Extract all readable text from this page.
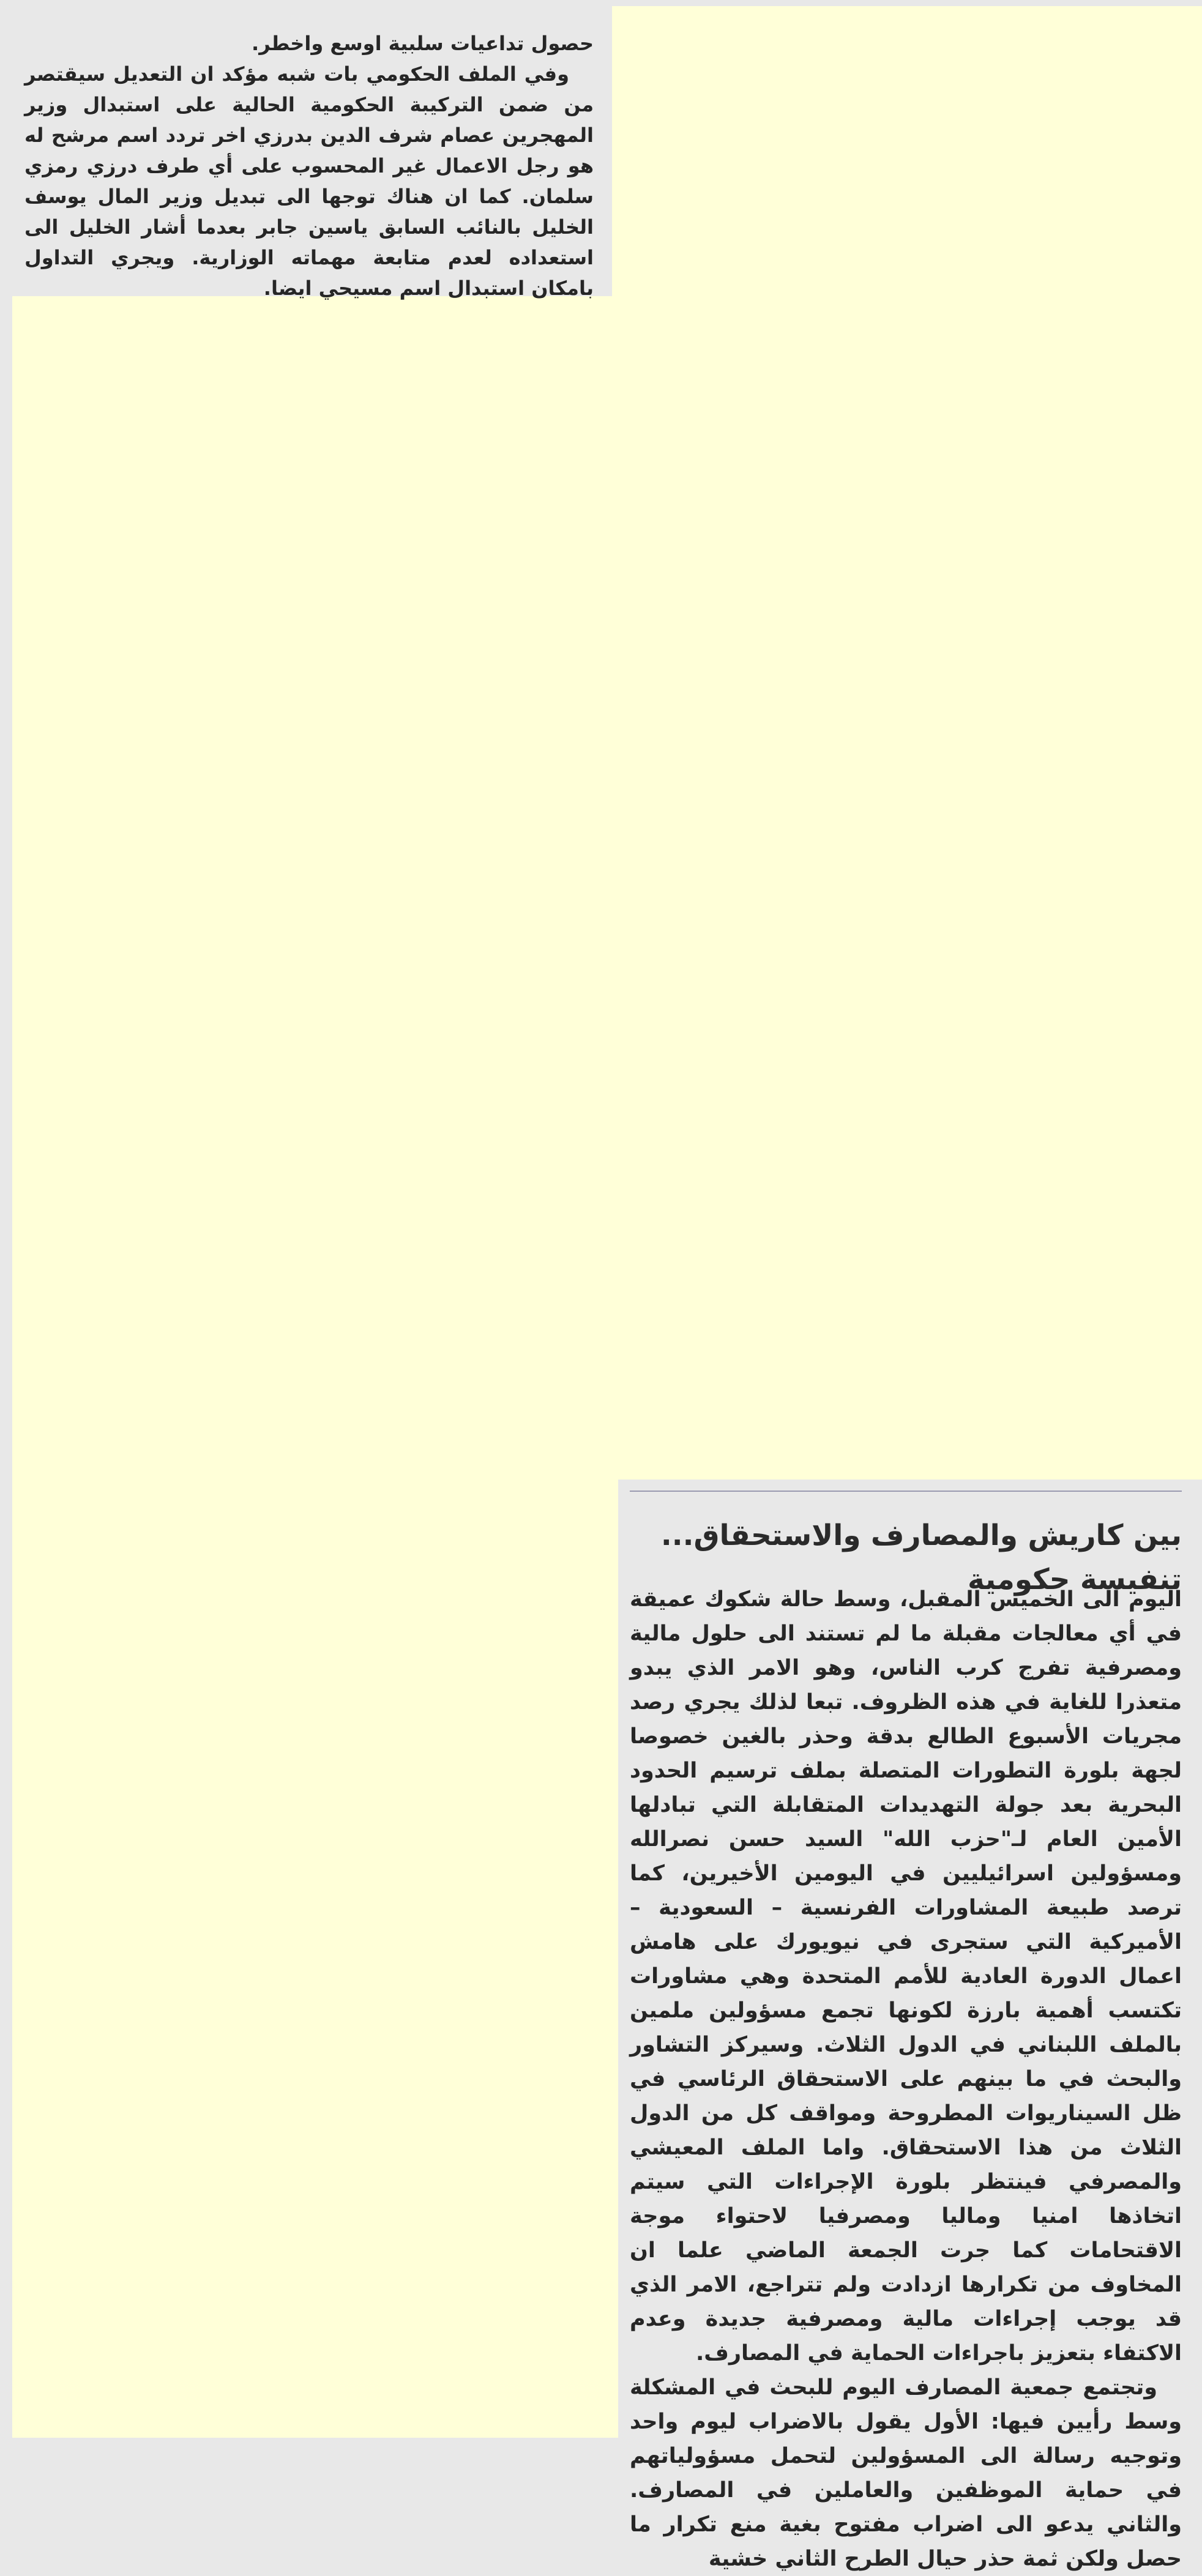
حصول تداعيات سلبية اوسع واخطر.

وفي الملف الحكومي بات شبه مؤكد ان التعديل سيقتصر من ضمن التركيبة الحكومية الحالية على استبدال وزير المهجرين عصام شرف الدين بدرزي اخر تردد اسم مرشح له هو رجل الاعمال غير المحسوب على أي طرف درزي رمزي سلمان. كما ان هناك توجها الى تبديل وزير المال يوسف الخليل بالنائب السابق ياسين جابر بعدما أشار الخليل الى استعداده لعدم متابعة مهماته الوزارية. ويجري التداول بامكان استبدال اسم مسيحي ايضا.

بين كاريش والمصارف والاستحقاق... تنفيسة حكومية

اليوم الى الخميس المقبل، وسط حالة شكوك عميقة في أي معالجات مقبلة ما لم تستند الى حلول مالية ومصرفية تفرج كرب الناس، وهو الامر الذي يبدو متعذرا للغاية في هذه الظروف. تبعا لذلك يجري رصد مجريات الأسبوع الطالع بدقة وحذر بالغين خصوصا لجهة بلورة التطورات المتصلة بملف ترسيم الحدود البحرية بعد جولة التهديدات المتقابلة التي تبادلها الأمين العام لـ"حزب الله" السيد حسن نصرالله ومسؤولين اسرائيليين في اليومين الأخيرين، كما ترصد طبيعة المشاورات الفرنسية – السعودية – الأميركية التي ستجرى في نيويورك على هامش اعمال الدورة العادية للأمم المتحدة وهي مشاورات تكتسب أهمية بارزة لكونها تجمع مسؤولين ملمين بالملف اللبناني في الدول الثلاث. وسيركز التشاور والبحث في ما بينهم على الاستحقاق الرئاسي في ظل السيناريوات المطروحة ومواقف كل من الدول الثلاث من هذا الاستحقاق. واما الملف المعيشي والمصرفي فينتظر بلورة الإجراءات التي سيتم اتخاذها امنيا وماليا ومصرفيا لاحتواء موجة الاقتحامات كما جرت الجمعة الماضي علما ان المخاوف من تكرارها ازدادت ولم تتراجع، الامر الذي قد يوجب إجراءات مالية ومصرفية جديدة وعدم الاكتفاء بتعزيز باجراءات الحماية في المصارف.

وتجتمع جمعية المصارف اليوم للبحث في المشكلة وسط رأيين فيها: الأول يقول بالاضراب ليوم واحد وتوجيه رسالة الى المسؤولين لتحمل مسؤولياتهم في حماية الموظفين والعاملين في المصارف. والثاني يدعو الى اضراب مفتوح بغية منع تكرار ما حصل ولكن ثمة حذر حيال الطرح الثاني خشية
